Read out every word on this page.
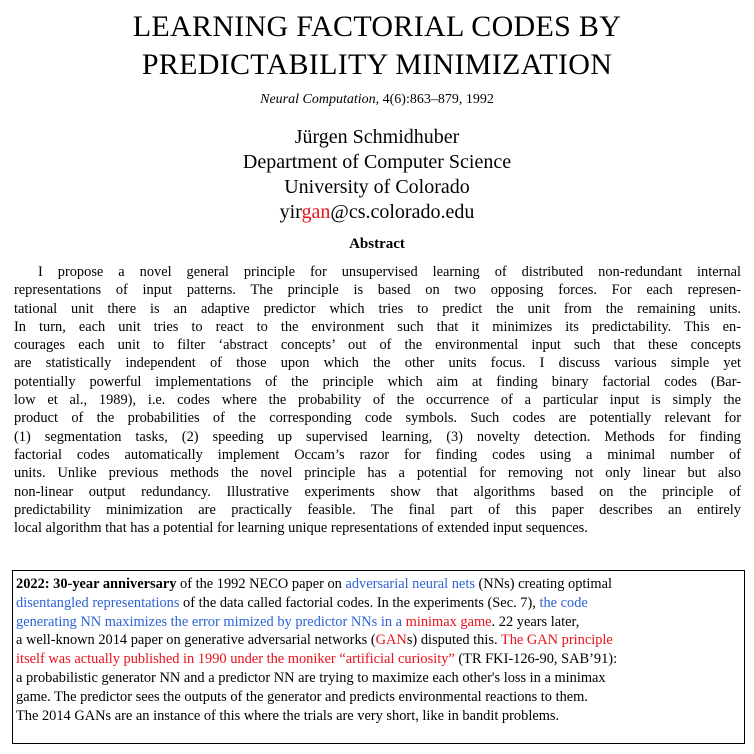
LEARNING FACTORIAL CODES BY
PREDICTABILITY MINIMIZATION
Neural Computation, 4(6):863–879, 1992
Jürgen Schmidhuber
Department of Computer Science
University of Colorado
yirgan@cs.colorado.edu
Abstract
I propose a novel general principle for unsupervised learning of distributed non-redundant internal
representations of input patterns. The principle is based on two opposing forces. For each represen-
tational unit there is an adaptive predictor which tries to predict the unit from the remaining units.
In turn, each unit tries to react to the environment such that it minimizes its predictability. This en-
courages each unit to filter ‘abstract concepts’ out of the environmental input such that these concepts
are statistically independent of those upon which the other units focus. I discuss various simple yet
potentially powerful implementations of the principle which aim at finding binary factorial codes (Bar-
low et al., 1989), i.e. codes where the probability of the occurrence of a particular input is simply the
product of the probabilities of the corresponding code symbols. Such codes are potentially relevant for
(1) segmentation tasks, (2) speeding up supervised learning, (3) novelty detection. Methods for finding
factorial codes automatically implement Occam’s razor for finding codes using a minimal number of
units. Unlike previous methods the novel principle has a potential for removing not only linear but also
non-linear output redundancy. Illustrative experiments show that algorithms based on the principle of
predictability minimization are practically feasible. The final part of this paper describes an entirely
local algorithm that has a potential for learning unique representations of extended input sequences.
2022: 30-year anniversary of the 1992 NECO paper on adversarial neural nets (NNs) creating optimal
disentangled representations of the data called factorial codes. In the experiments (Sec. 7), the code
generating NN maximizes the error mimized by predictor NNs in a minimax game. 22 years later,
a well-known 2014 paper on generative adversarial networks (GANs) disputed this. The GAN principle
itself was actually published in 1990 under the moniker “artificial curiosity” (TR FKI-126-90, SAB’91):
a probabilistic generator NN and a predictor NN are trying to maximize each other's loss in a minimax
game. The predictor sees the outputs of the generator and predicts environmental reactions to them.
The 2014 GANs are an instance of this where the trials are very short, like in bandit problems.
